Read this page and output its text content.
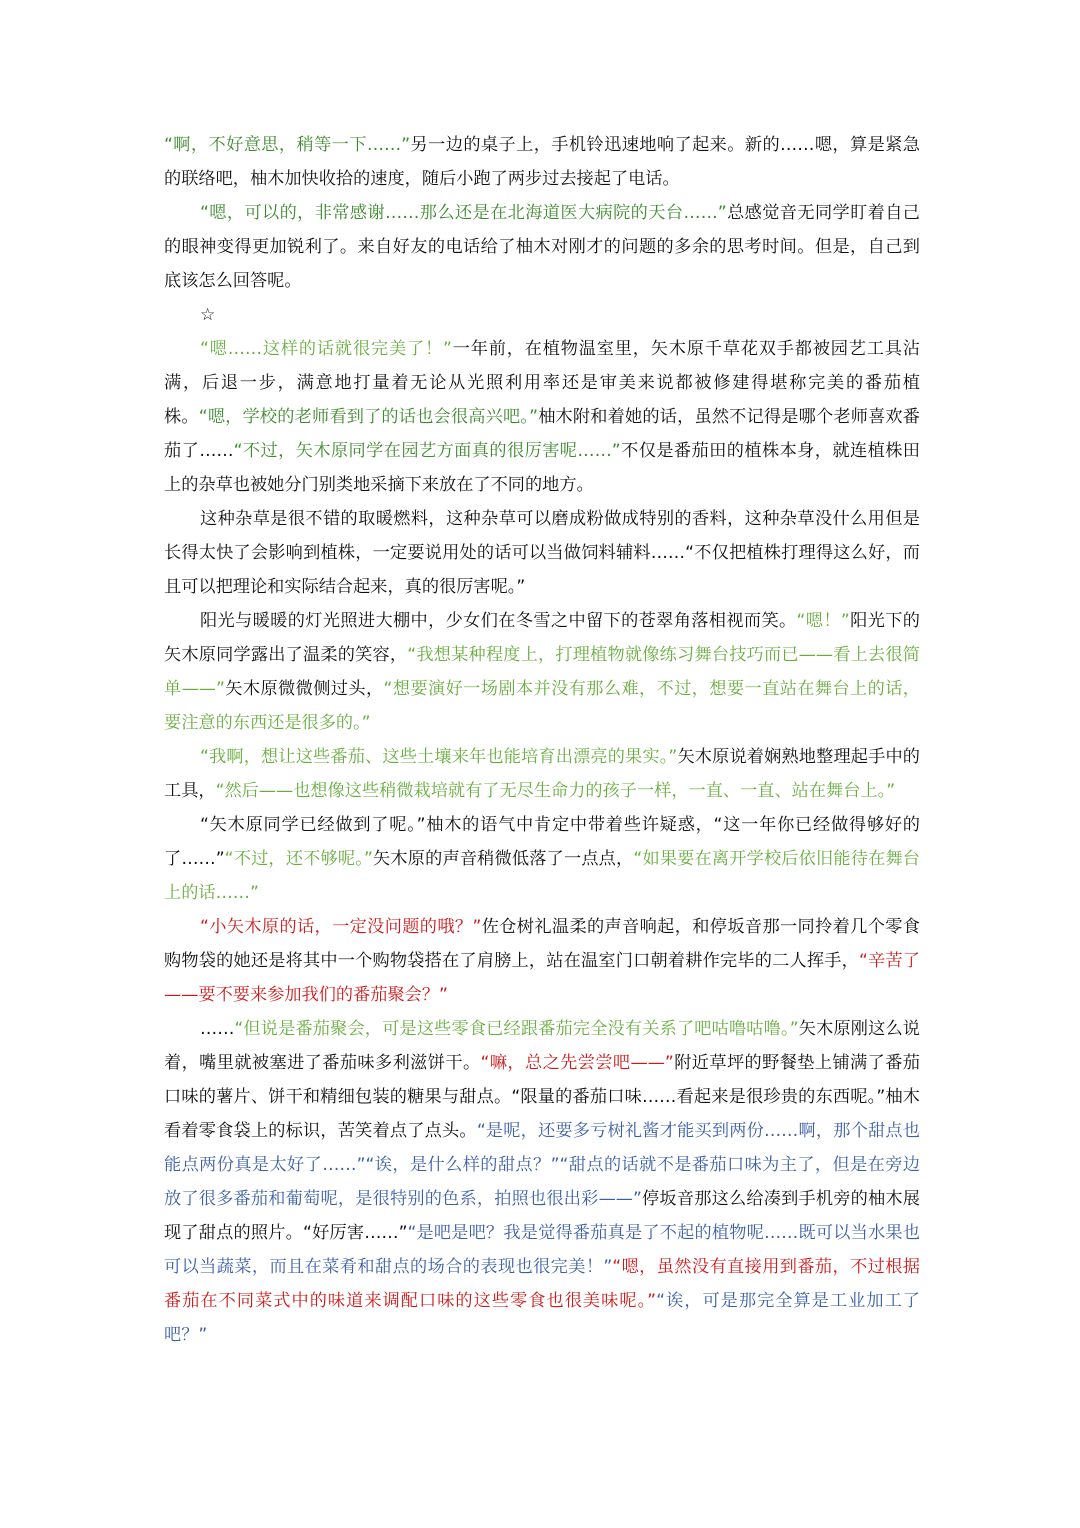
“啊，不好意思，稍等一下……”另一边的桌子上，手机铃迅速地响了起来。新的……嗯，算是紧急的联络吧，柚木加快收拾的速度，随后小跑了两步过去接起了电话。

“嗯，可以的，非常感谢……那么还是在北海道医大病院的天台……”总感觉音无同学盯着自己的眼神变得更加锐利了。来自好友的电话给了柚木对刚才的问题的多余的思考时间。但是，自己到底该怎么回答呢。

☆

“嗯……这样的话就很完美了！”一年前，在植物温室里，矢木原千草花双手都被园艺工具沾满，后退一步，满意地打量着无论从光照利用率还是审美来说都被修建得堪称完美的番茄植株。“嗯，学校的老师看到了的话也会很高兴吧。”柚木附和着她的话，虽然不记得是哪个老师喜欢番茄了……“不过，矢木原同学在园艺方面真的很厉害呢……”不仅是番茄田的植株本身，就连植株田上的杂草也被她分门别类地采摘下来放在了不同的地方。

这种杂草是很不错的取暖燃料，这种杂草可以磨成粉做成特别的香料，这种杂草没什么用但是长得太快了会影响到植株，一定要说用处的话可以当做饲料辅料……“不仅把植株打理得这么好，而且可以把理论和实际结合起来，真的很厉害呢。”

阳光与暖暖的灯光照进大棚中，少女们在冬雪之中留下的苍翠角落相视而笑。“嗯！”阳光下的矢木原同学露出了温柔的笑容，“我想某种程度上，打理植物就像练习舞台技巧而已——看上去很简单——”矢木原微微侧过头，“想要演好一场剧本并没有那么难，不过，想要一直站在舞台上的话，要注意的东西还是很多的。”

“我啊，想让这些番茄、这些土壤来年也能培育出漂亮的果实。”矢木原说着娴熟地整理起手中的工具，“然后——也想像这些稍微栽培就有了无尽生命力的孩子一样，一直、一直、站在舞台上。”

“矢木原同学已经做到了呢。”柚木的语气中肯定中带着些许疑惑，“这一年你已经做得够好的了……”“不过，还不够呢。”矢木原的声音稍微低落了一点点，“如果要在离开学校后依旧能待在舞台上的话……”

“小矢木原的话，一定没问题的哦？”佐仓树礼温柔的声音响起，和停坂音那一同拎着几个零食购物袋的她还是将其中一个购物袋搭在了肩膀上，站在温室门口朝着耕作完毕的二人挥手，“辛苦了——要不要来参加我们的番茄聚会？”

……“但说是番茄聚会，可是这些零食已经跟番茄完全没有关系了吧咕噜咕噜。”矢木原刚这么说着，嘴里就被塞进了番茄味多利滋饼干。“嘛，总之先尝尝吧——”附近草坪的野餐垫上铺满了番茄口味的薯片、饼干和精细包装的糖果与甜点。“限量的番茄口味……看起来是很珍贵的东西呢。”柚木看着零食袋上的标识，苦笑着点了点头。“是呢，还要多亏树礼酱才能买到两份……啊，那个甜点也能点两份真是太好了……”“诶，是什么样的甜点？”“甜点的话就不是番茄口味为主了，但是在旁边放了很多番茄和葡萄呢，是很特别的色系，拍照也很出彩——”停坂音那这么给凑到手机旁的柚木展现了甜点的照片。“好厉害……”“是吧是吧？我是觉得番茄真是了不起的植物呢……既可以当水果也可以当蔬菜，而且在菜肴和甜点的场合的表现也很完美！”“嗯，虽然没有直接用到番茄，不过根据番茄在不同菜式中的味道来调配口味的这些零食也很美味呢。”“诶，可是那完全算是工业加工了吧？”
